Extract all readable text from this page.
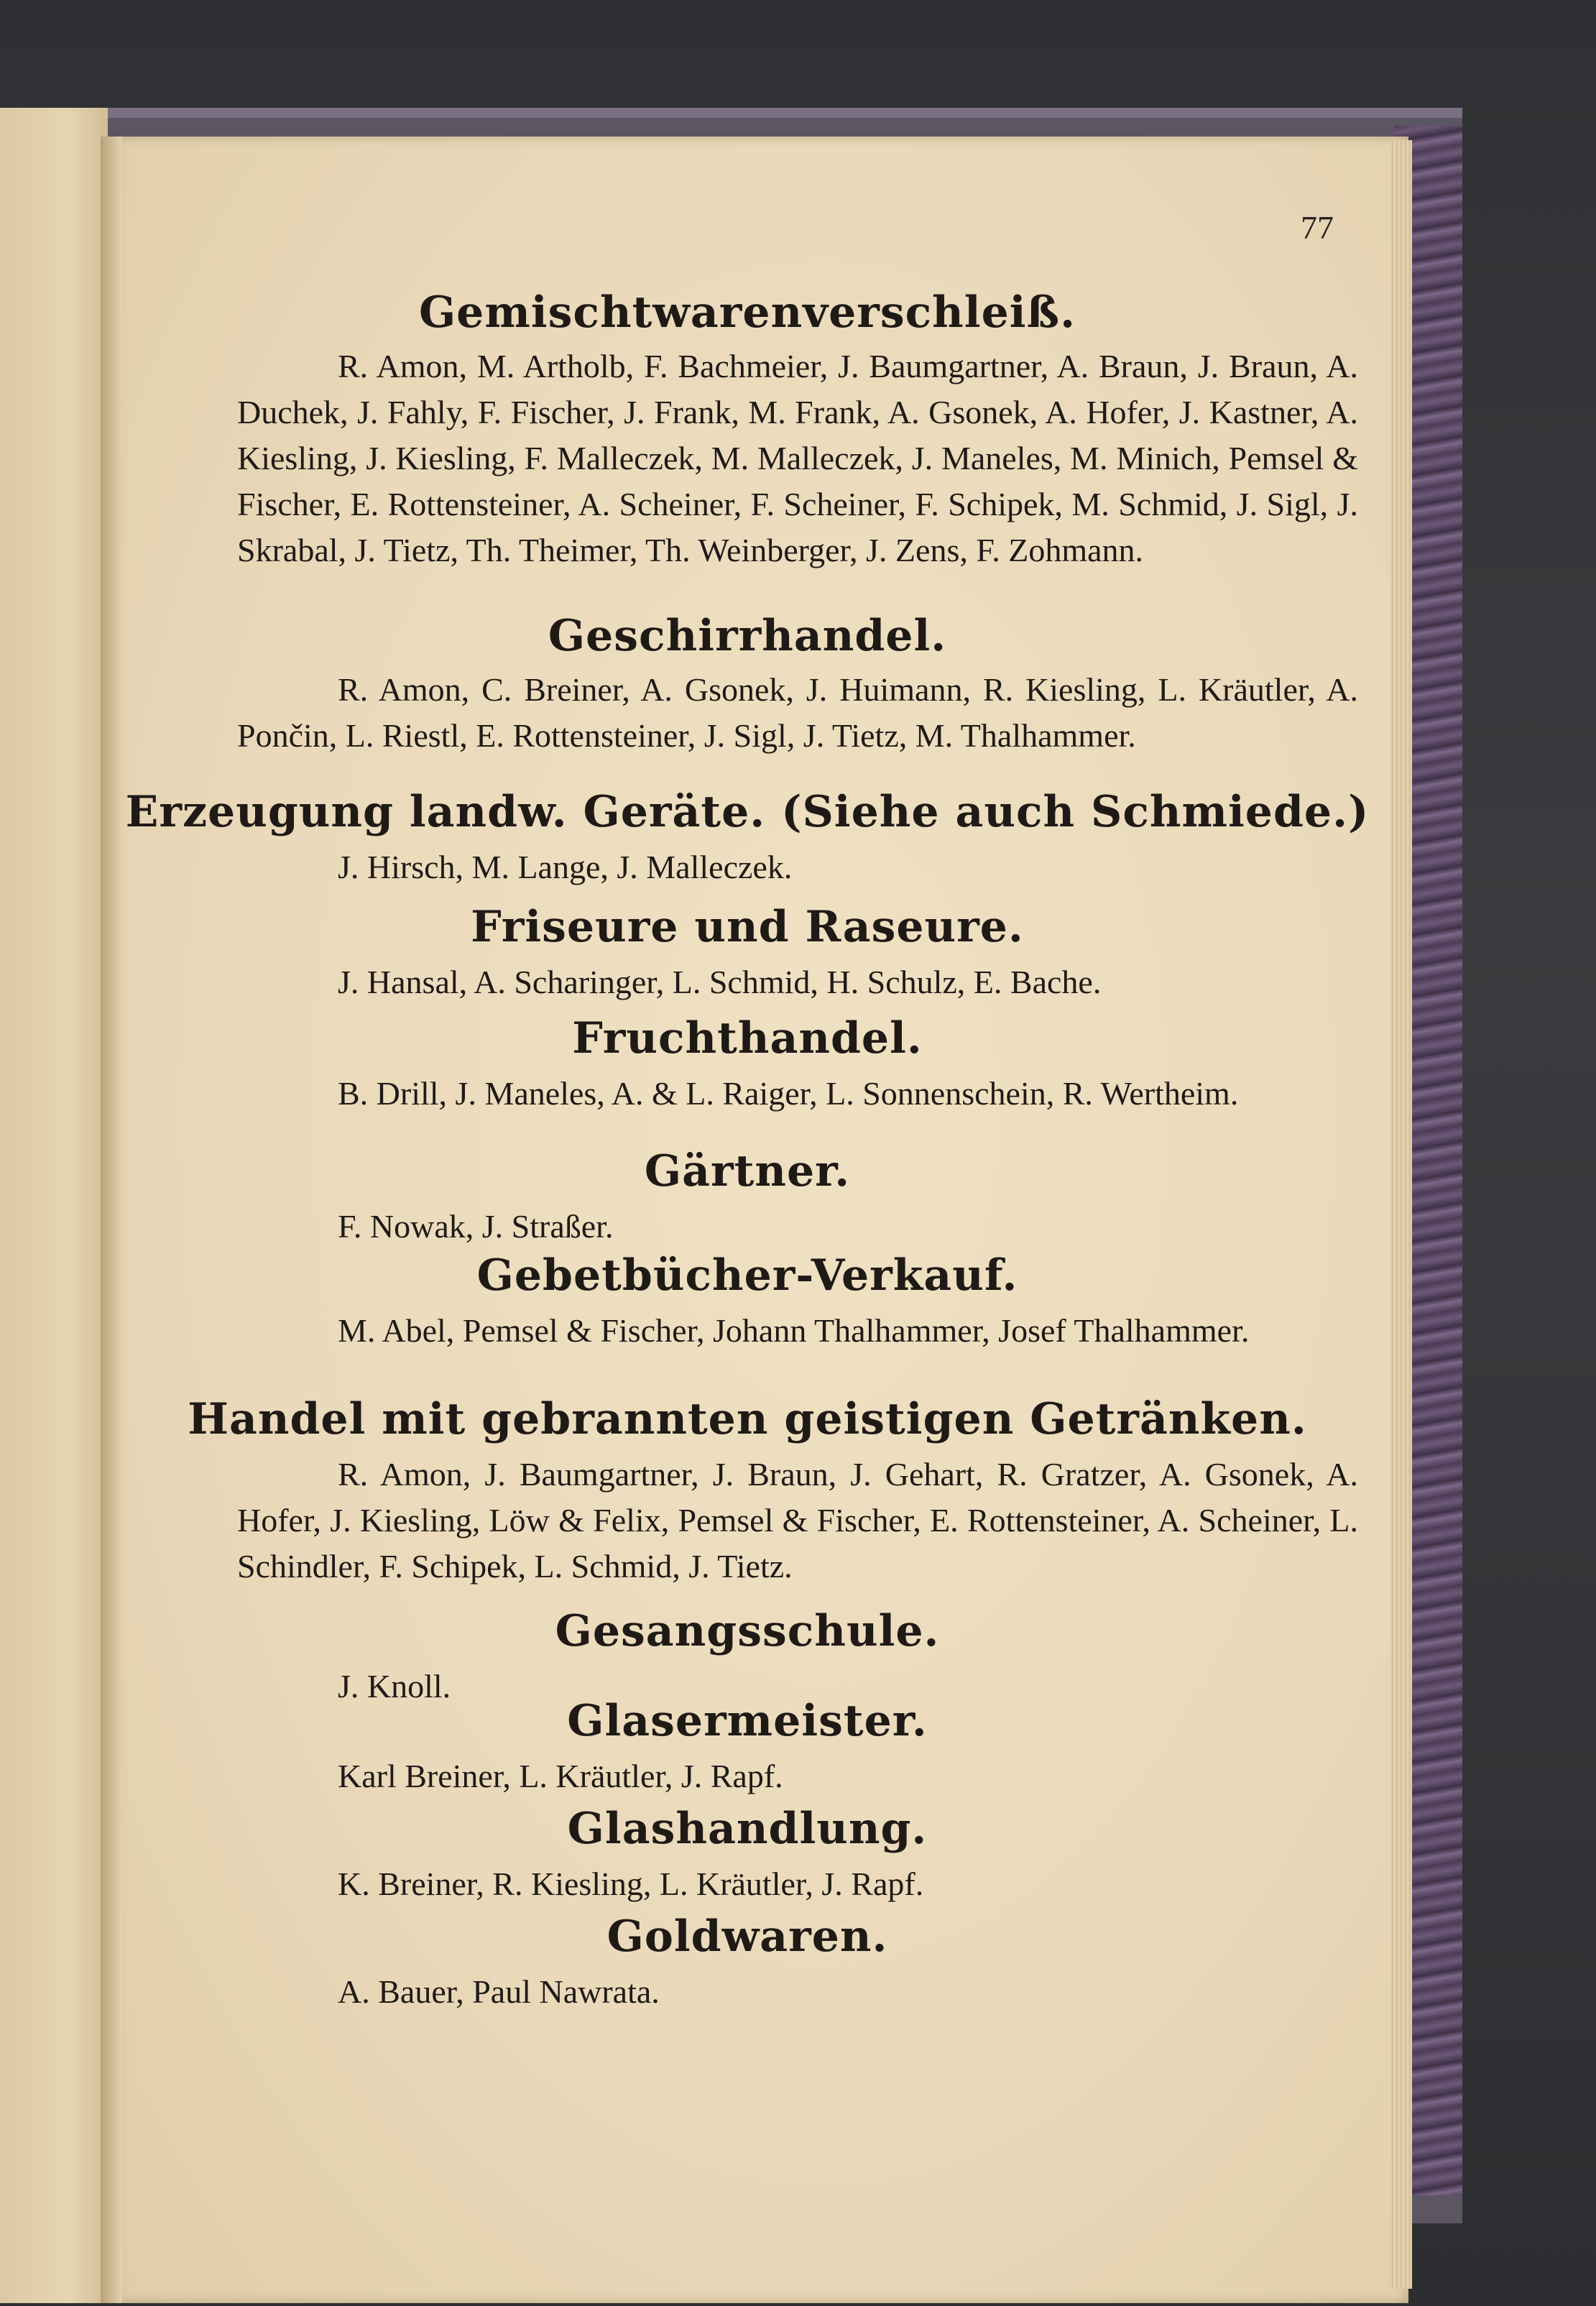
77
Gemischtwarenverschleiß.
R. Amon, M. Artholb, F. Bachmeier, J. Baumgartner, A. Braun, J. Braun, A. Duchek, J. Fahly, F. Fischer, J. Frank, M. Frank, A. Gsonek, A. Hofer, J. Kastner, A. Kiesling, J. Kiesling, F. Malleczek, M. Malleczek, J. Maneles, M. Minich, Pemsel & Fischer, E. Rottensteiner, A. Scheiner, F. Scheiner, F. Schipek, M. Schmid, J. Sigl, J. Skrabal, J. Tietz, Th. Theimer, Th. Weinberger, J. Zens, F. Zohmann.
Geschirrhandel.
R. Amon, C. Breiner, A. Gsonek, J. Huimann, R. Kiesling, L. Kräutler, A. Pončin, L. Riestl, E. Rottensteiner, J. Sigl, J. Tietz, M. Thalhammer.
Erzeugung landw. Geräte. (Siehe auch Schmiede.)
J. Hirsch, M. Lange, J. Malleczek.
Friseure und Raseure.
J. Hansal, A. Scharinger, L. Schmid, H. Schulz, E. Bache.
Fruchthandel.
B. Drill, J. Maneles, A. & L. Raiger, L. Sonnenschein, R. Wertheim.
Gärtner.
F. Nowak, J. Straßer.
Gebetbücher-Verkauf.
M. Abel, Pemsel & Fischer, Johann Thalhammer, Josef Thalhammer.
Handel mit gebrannten geistigen Getränken.
R. Amon, J. Baumgartner, J. Braun, J. Gehart, R. Gratzer, A. Gsonek, A. Hofer, J. Kiesling, Löw & Felix, Pemsel & Fischer, E. Rottensteiner, A. Scheiner, L. Schindler, F. Schipek, L. Schmid, J. Tietz.
Gesangsschule.
J. Knoll.
Glasermeister.
Karl Breiner, L. Kräutler, J. Rapf.
Glashandlung.
K. Breiner, R. Kiesling, L. Kräutler, J. Rapf.
Goldwaren.
A. Bauer, Paul Nawrata.
